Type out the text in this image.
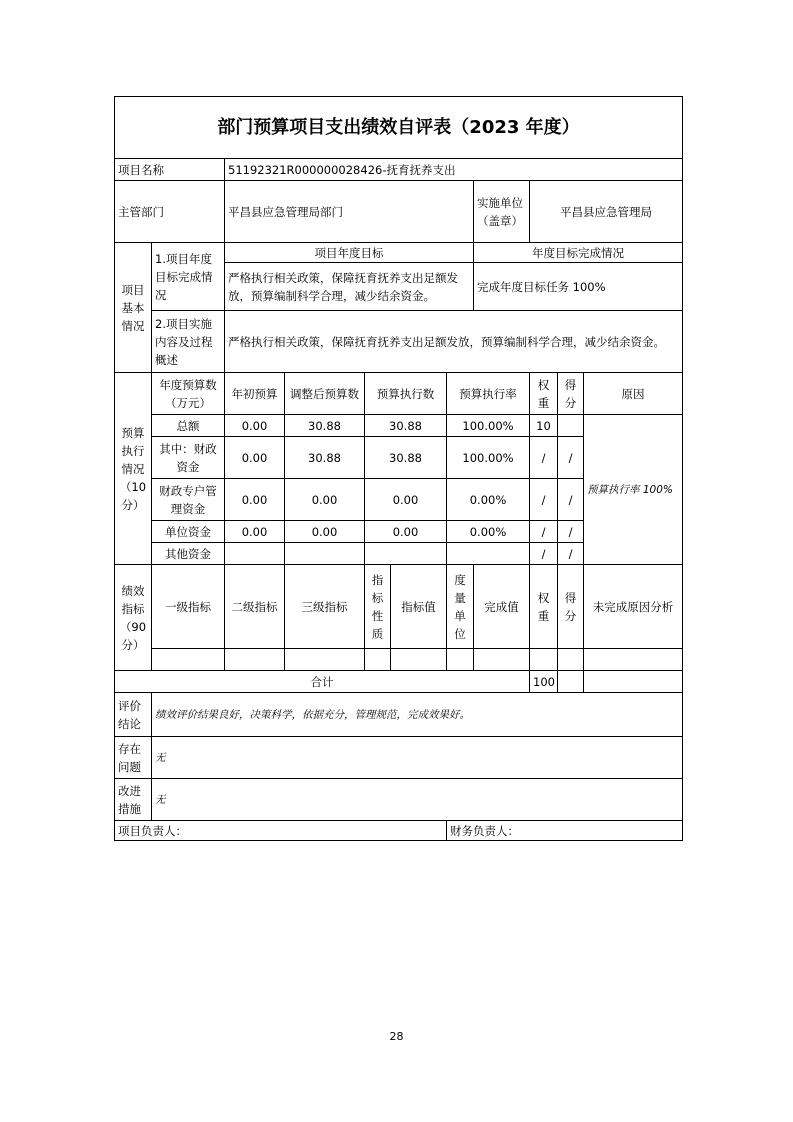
部门预算项目支出绩效自评表（2023 年度）										
项目名称		51192321R000000028426-抚育抚养支出								
主管部门		平昌县应急管理局部门					实施单位（盖章）	平昌县应急管理局		
项目基本情况	1.项目年度目标完成情况	项目年度目标					年度目标完成情况			
		严格执行相关政策，保障抚育抚养支出足额发放，预算编制科学合理，减少结余资金。					完成年度目标任务 100%			
	2.项目实施内容及过程概述	严格执行相关政策，保障抚育抚养支出足额发放，预算编制科学合理，减少结余资金。								

预算执行情况（10 分）	年度预算数（万元）	年初预算	调整后预算数	预算执行数		预算执行率		权重	得分	原因
	总额	0.00	30.88	30.88		100.00%		10		预算执行率 100%
	其中：财政资金	0.00	30.88	30.88		100.00%		/	/	
	财政专户管理资金	0.00	0.00	0.00		0.00%		/	/	
	单位资金	0.00	0.00	0.00		0.00%		/	/	
	其他资金							/	/	
绩效指标（90 分）	一级指标	二级指标	三级指标	指标性质	指标值	度量单位	完成值	权重	得分	未完成原因分析

合计								100		
评价结论	绩效评价结果良好，决策科学，依据充分，管理规范，完成效果好。									
存在问题	无									
改进措施	无									
项目负责人：						财务负责人：				
28
